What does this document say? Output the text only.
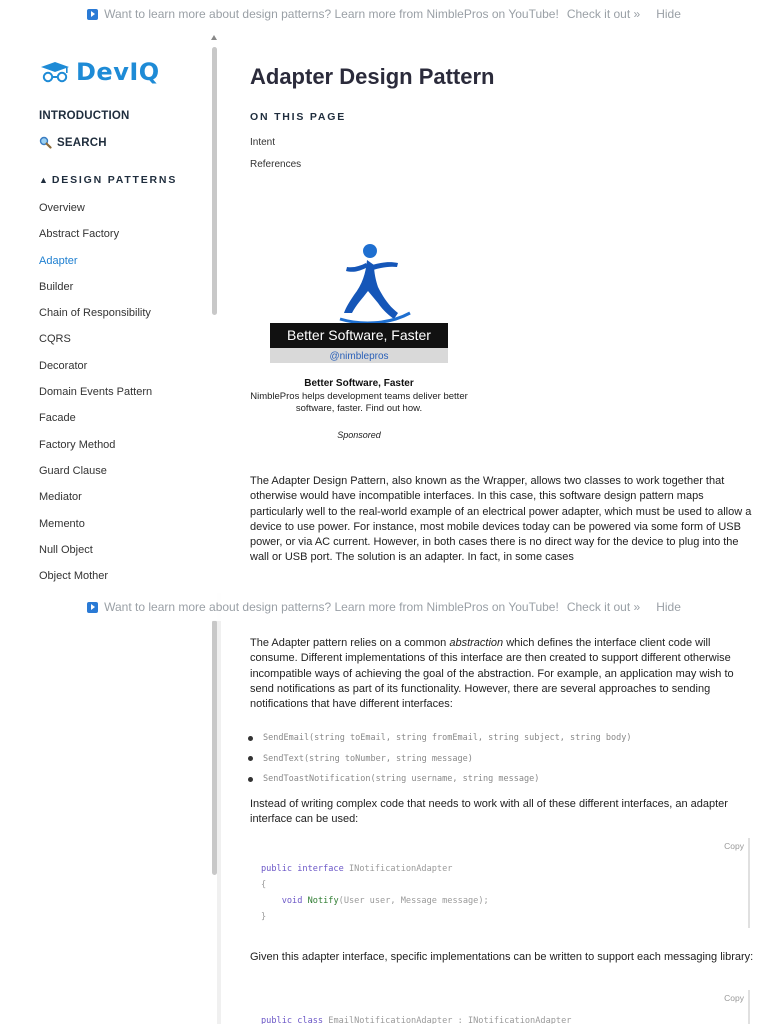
Want to learn more about design patterns? Learn more from NimblePros on YouTube! Check it out » Hide
DevIQ
INTRODUCTION
SEARCH
▲ DESIGN PATTERNS
Overview
Abstract Factory
Adapter
Builder
Chain of Responsibility
CQRS
Decorator
Domain Events Pattern
Facade
Factory Method
Guard Clause
Mediator
Memento
Null Object
Object Mother
Adapter Design Pattern
ON THIS PAGE
Intent
References
Better Software, Faster
@nimblepros
Better Software, Faster
NimblePros helps development teams deliver better software, faster. Find out how.
Sponsored

The Adapter Design Pattern, also known as the Wrapper, allows two classes to work together that otherwise would have incompatible interfaces. In this case, this software design pattern maps particularly well to the real-world example of an electrical power adapter, which must be used to allow a device to use power. For instance, most mobile devices today can be powered via some form of USB power, or via AC current. However, in both cases there is no direct way for the device to plug into the wall or USB port. The solution is an adapter. In fact, in some cases

Want to learn more about design patterns? Learn more from NimblePros on YouTube! Check it out » Hide

The Adapter pattern relies on a common abstraction which defines the interface client code will consume. Different implementations of this interface are then created to support different otherwise incompatible ways of achieving the goal of the abstraction. For example, an application may wish to send notifications as part of its functionality. However, there are several approaches to sending notifications that have different interfaces:

SendEmail(string toEmail, string fromEmail, string subject, string body)
SendText(string toNumber, string message)
SendToastNotification(string username, string message)

Instead of writing complex code that needs to work with all of these different interfaces, an adapter interface can be used:

Copy
public interface INotificationAdapter
{
void Notify(User user, Message message);
}

Given this adapter interface, specific implementations can be written to support each messaging library:

Copy
public class EmailNotificationAdapter : INotificationAdapter
